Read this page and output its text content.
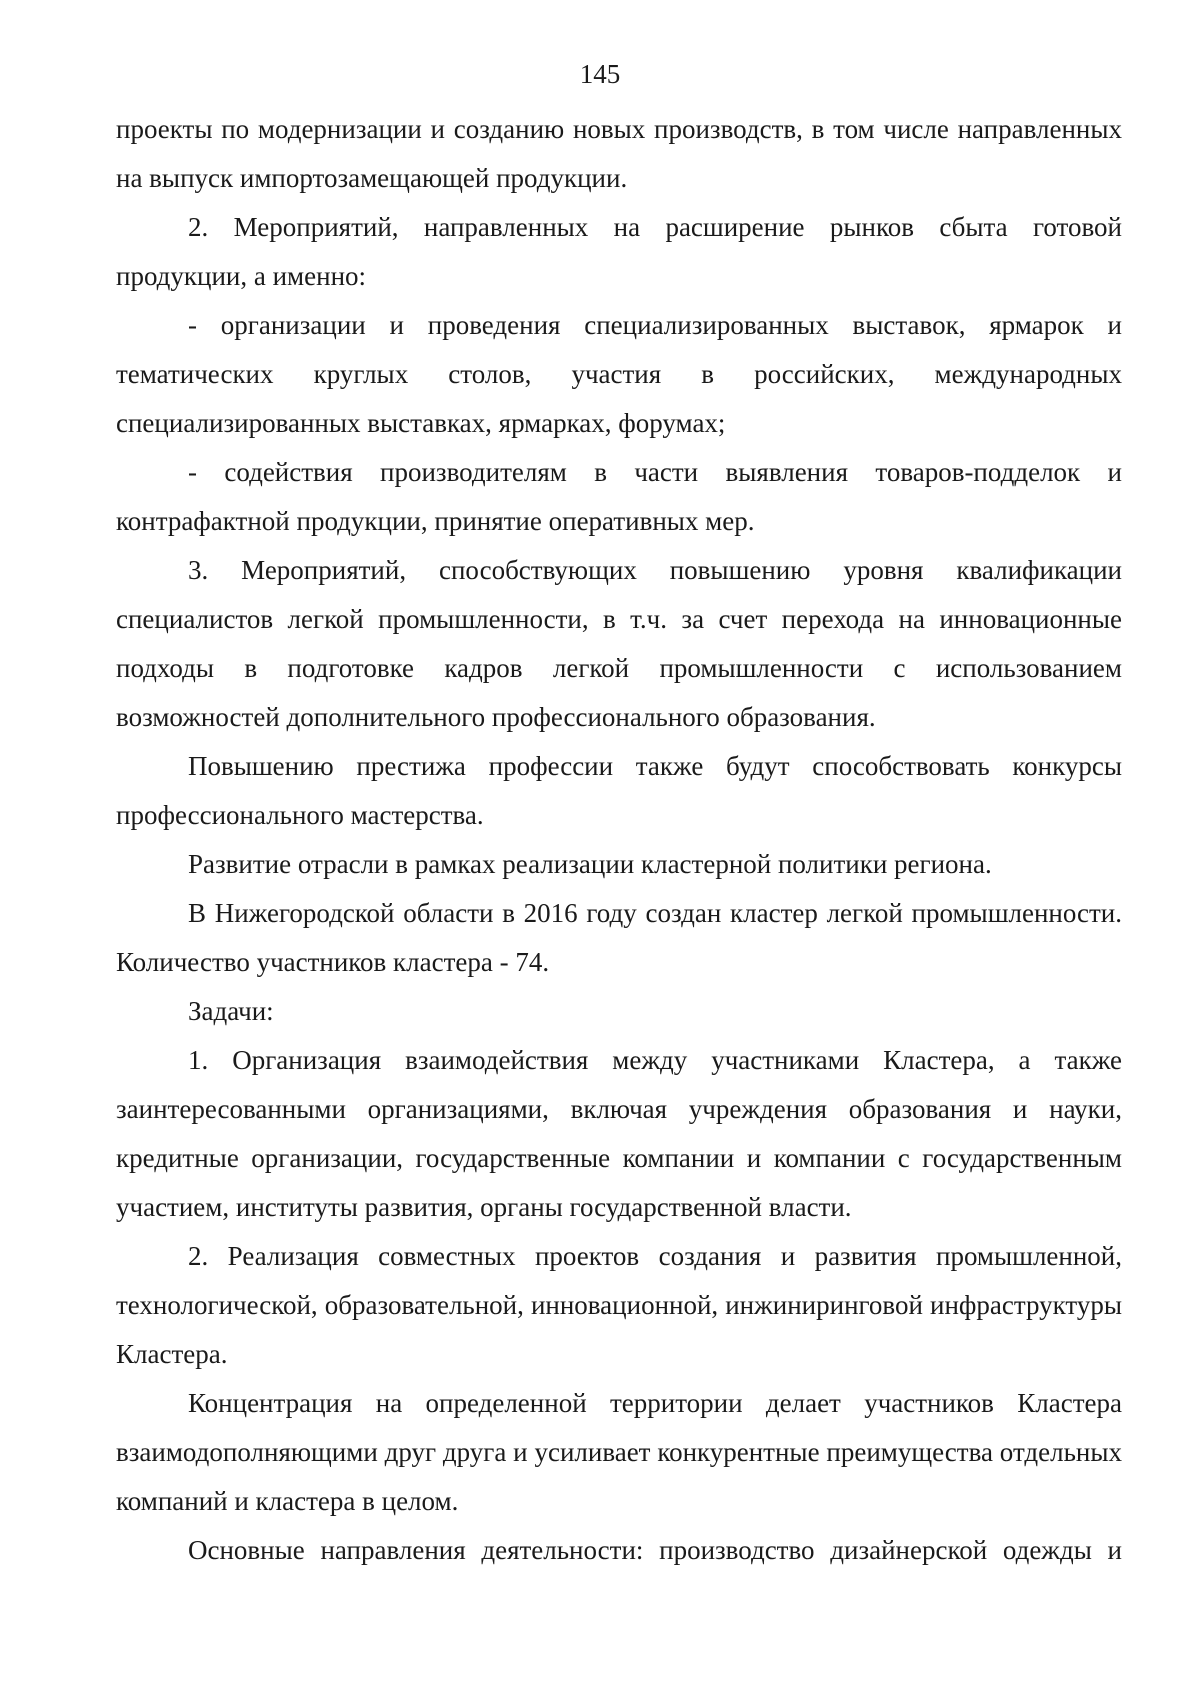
145

проекты по модернизации и созданию новых производств, в том числе направленных на выпуск импортозамещающей продукции.

2. Мероприятий, направленных на расширение рынков сбыта готовой продукции, а именно:

- организации и проведения специализированных выставок, ярмарок и тематических круглых столов, участия в российских, международных специализированных выставках, ярмарках, форумах;

- содействия производителям в части выявления товаров-подделок и контрафактной продукции, принятие оперативных мер.

3. Мероприятий, способствующих повышению уровня квалификации специалистов легкой промышленности, в т.ч. за счет перехода на инновационные подходы в подготовке кадров легкой промышленности с использованием возможностей дополнительного профессионального образования.

Повышению престижа профессии также будут способствовать конкурсы профессионального мастерства.

Развитие отрасли в рамках реализации кластерной политики региона.

В Нижегородской области в 2016 году создан кластер легкой промышленности. Количество участников кластера - 74.

Задачи:

1. Организация взаимодействия между участниками Кластера, а также заинтересованными организациями, включая учреждения образования и науки, кредитные организации, государственные компании и компании с государственным участием, институты развития, органы государственной власти.

2. Реализация совместных проектов создания и развития промышленной, технологической, образовательной, инновационной, инжиниринговой инфраструктуры Кластера.

Концентрация на определенной территории делает участников Кластера взаимодополняющими друг друга и усиливает конкурентные преимущества отдельных компаний и кластера в целом.

Основные направления деятельности: производство дизайнерской одежды и
